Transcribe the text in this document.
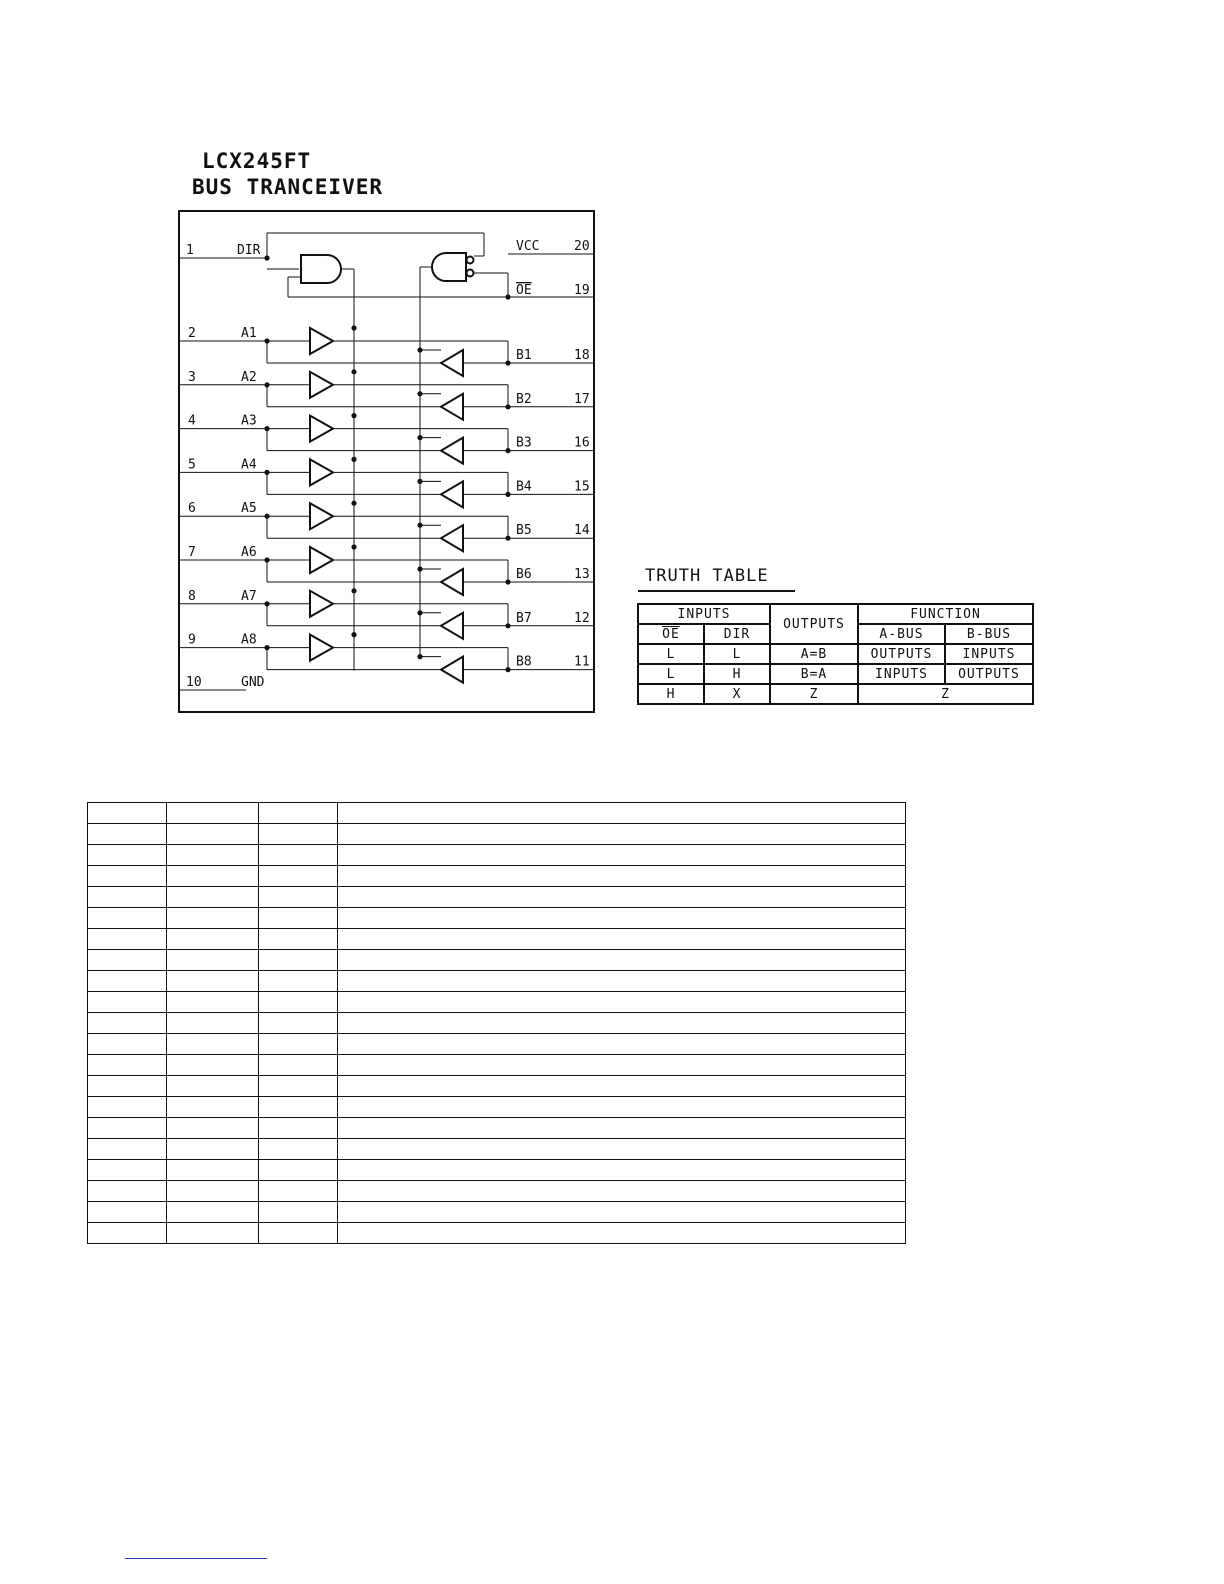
LCX245FT
BUS TRANCEIVER
1	DIR	VCC	20
OE	19
2	A1
B1	18
3	A2
B2	17
4	A3
B3	16
5	A4
B4	15
6	A5
B5	14
7	A6
B6	13
8	A7
B7	12
9	A8
B8	11
10	GND
TRUTH TABLE
INPUTS		OUTPUTS	FUNCTION	
$\overline{OE}$	DIR		A-BUS	B-BUS
L	L	A=B	OUTPUTS	INPUTS
L	H	B=A	INPUTS	OUTPUTS
H	X	Z	Z	
